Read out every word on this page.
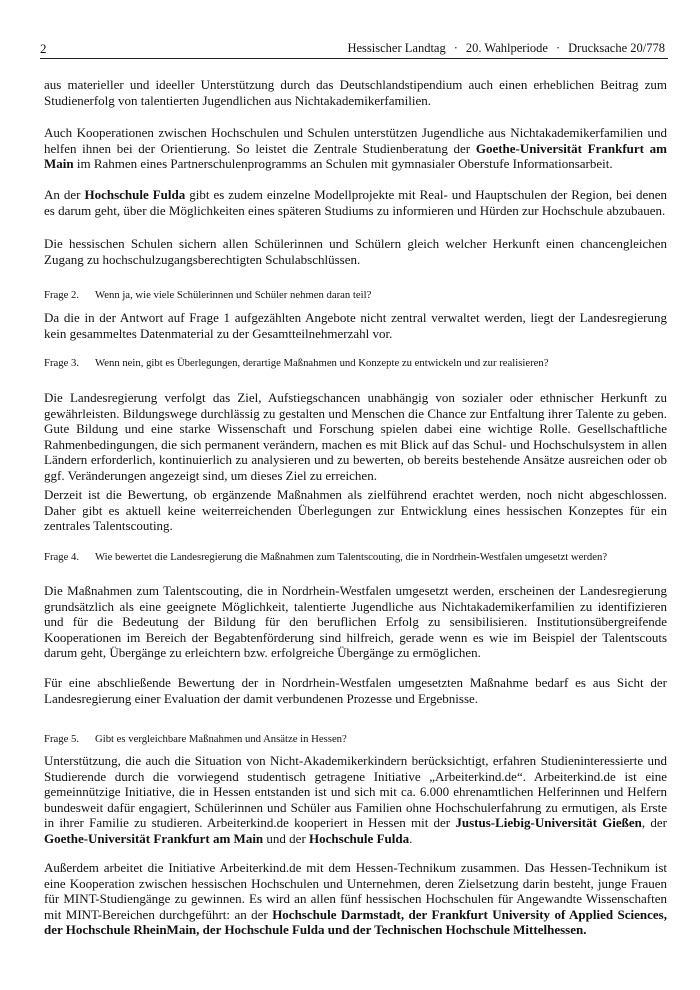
2	Hessischer Landtag · 20. Wahlperiode · Drucksache 20/778

aus materieller und ideeller Unterstützung durch das Deutschlandstipendium auch einen erheblichen Beitrag zum Studienerfolg von talentierten Jugendlichen aus Nichtakademikerfamilien.

Auch Kooperationen zwischen Hochschulen und Schulen unterstützen Jugendliche aus Nichtakademikerfamilien und helfen ihnen bei der Orientierung. So leistet die Zentrale Studienberatung der Goethe-Universität Frankfurt am Main im Rahmen eines Partnerschulenprogramms an Schulen mit gymnasialer Oberstufe Informationsarbeit.

An der Hochschule Fulda gibt es zudem einzelne Modellprojekte mit Real- und Hauptschulen der Region, bei denen es darum geht, über die Möglichkeiten eines späteren Studiums zu informieren und Hürden zur Hochschule abzubauen.

Die hessischen Schulen sichern allen Schülerinnen und Schülern gleich welcher Herkunft einen chancengleichen Zugang zu hochschulzugangsberechtigten Schulabschlüssen.

Frage 2. Wenn ja, wie viele Schülerinnen und Schüler nehmen daran teil?

Da die in der Antwort auf Frage 1 aufgezählten Angebote nicht zentral verwaltet werden, liegt der Landesregierung kein gesammeltes Datenmaterial zu der Gesamtteilnehmerzahl vor.

Frage 3. Wenn nein, gibt es Überlegungen, derartige Maßnahmen und Konzepte zu entwickeln und zur realisieren?

Die Landesregierung verfolgt das Ziel, Aufstiegschancen unabhängig von sozialer oder ethnischer Herkunft zu gewährleisten. Bildungswege durchlässig zu gestalten und Menschen die Chance zur Entfaltung ihrer Talente zu geben. Gute Bildung und eine starke Wissenschaft und Forschung spielen dabei eine wichtige Rolle. Gesellschaftliche Rahmenbedingungen, die sich permanent verändern, machen es mit Blick auf das Schul- und Hochschulsystem in allen Ländern erforderlich, kontinuierlich zu analysieren und zu bewerten, ob bereits bestehende Ansätze ausreichen oder ob ggf. Veränderungen angezeigt sind, um dieses Ziel zu erreichen.

Derzeit ist die Bewertung, ob ergänzende Maßnahmen als zielführend erachtet werden, noch nicht abgeschlossen. Daher gibt es aktuell keine weiterreichenden Überlegungen zur Entwicklung eines hessischen Konzeptes für ein zentrales Talentscouting.

Frage 4. Wie bewertet die Landesregierung die Maßnahmen zum Talentscouting, die in Nordrhein-Westfalen umgesetzt werden?

Die Maßnahmen zum Talentscouting, die in Nordrhein-Westfalen umgesetzt werden, erscheinen der Landesregierung grundsätzlich als eine geeignete Möglichkeit, talentierte Jugendliche aus Nichtakademikerfamilien zu identifizieren und für die Bedeutung der Bildung für den beruflichen Erfolg zu sensibilisieren. Institutionsübergreifende Kooperationen im Bereich der Begabtenförderung sind hilfreich, gerade wenn es wie im Beispiel der Talentscouts darum geht, Übergänge zu erleichtern bzw. erfolgreiche Übergänge zu ermöglichen.

Für eine abschließende Bewertung der in Nordrhein-Westfalen umgesetzten Maßnahme bedarf es aus Sicht der Landesregierung einer Evaluation der damit verbundenen Prozesse und Ergebnisse.

Frage 5. Gibt es vergleichbare Maßnahmen und Ansätze in Hessen?

Unterstützung, die auch die Situation von Nicht-Akademikerkindern berücksichtigt, erfahren Studieninteressierte und Studierende durch die vorwiegend studentisch getragene Initiative „Arbeiterkind.de“. Arbeiterkind.de ist eine gemeinnützige Initiative, die in Hessen entstanden ist und sich mit ca. 6.000 ehrenamtlichen Helferinnen und Helfern bundesweit dafür engagiert, Schülerinnen und Schüler aus Familien ohne Hochschulerfahrung zu ermutigen, als Erste in ihrer Familie zu studieren. Arbeiterkind.de kooperiert in Hessen mit der Justus-Liebig-Universität Gießen, der Goethe-Universität Frankfurt am Main und der Hochschule Fulda.

Außerdem arbeitet die Initiative Arbeiterkind.de mit dem Hessen-Technikum zusammen. Das Hessen-Technikum ist eine Kooperation zwischen hessischen Hochschulen und Unternehmen, deren Zielsetzung darin besteht, junge Frauen für MINT-Studiengänge zu gewinnen. Es wird an allen fünf hessischen Hochschulen für Angewandte Wissenschaften mit MINT-Bereichen durchgeführt: an der Hochschule Darmstadt, der Frankfurt University of Applied Sciences, der Hochschule RheinMain, der Hochschule Fulda und der Technischen Hochschule Mittelhessen.
